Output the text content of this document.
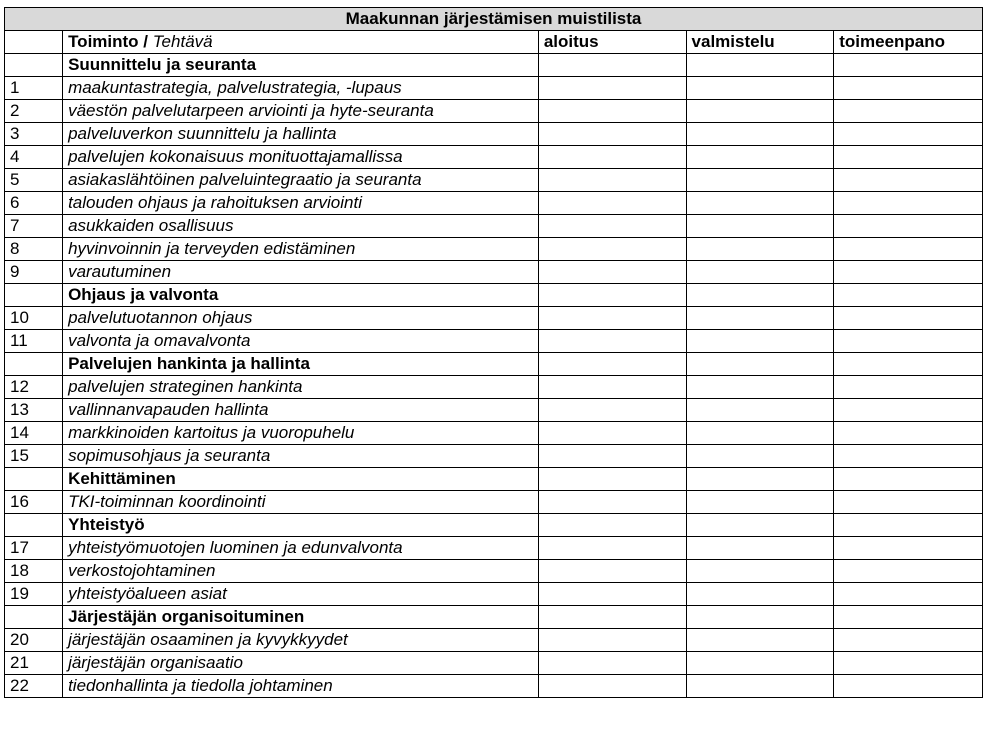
Maakunnan järjestämisen muistilista				
	Toiminto / Tehtävä	aloitus	valmistelu	toimeenpano
	Suunnittelu ja seuranta			
1	maakuntastrategia, palvelustrategia, -lupaus			
2	väestön palvelutarpeen arviointi ja hyte-seuranta			
3	palveluverkon suunnittelu ja hallinta			
4	palvelujen kokonaisuus monituottajamallissa			
5	asiakaslähtöinen palveluintegraatio ja seuranta			
6	talouden ohjaus ja rahoituksen arviointi			
7	asukkaiden osallisuus			
8	hyvinvoinnin ja terveyden edistäminen			
9	varautuminen			
	Ohjaus ja valvonta			
10	palvelutuotannon ohjaus			
11	valvonta ja omavalvonta			
	Palvelujen hankinta ja hallinta			
12	palvelujen strateginen hankinta			
13	vallinnanvapauden hallinta			
14	markkinoiden kartoitus ja vuoropuhelu			
15	sopimusohjaus ja seuranta			
	Kehittäminen			
16	TKI-toiminnan koordinointi			
	Yhteistyö			
17	yhteistyömuotojen luominen ja edunvalvonta			
18	verkostojohtaminen			
19	yhteistyöalueen asiat			
	Järjestäjän organisoituminen			
20	järjestäjän osaaminen ja kyvykkyydet			
21	järjestäjän organisaatio			
22	tiedonhallinta ja tiedolla johtaminen			
